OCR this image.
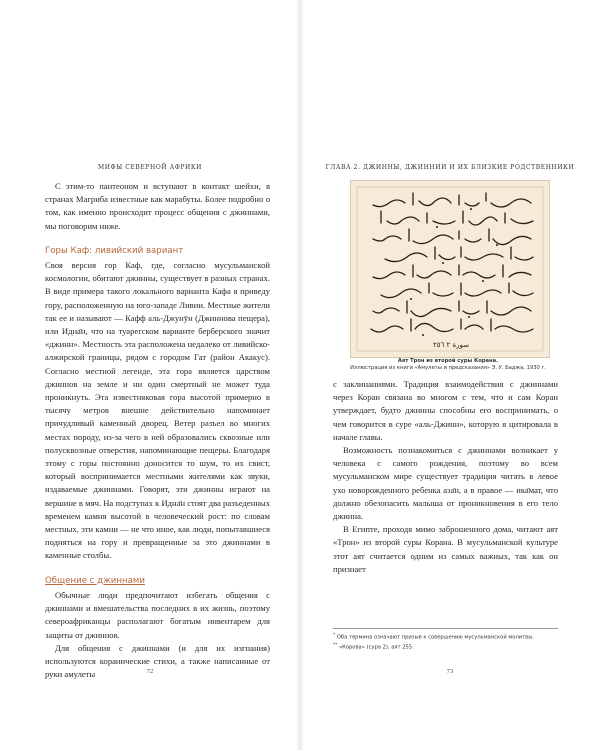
МИФЫ СЕВЕРНОЙ АФРИКИ

С этим-то пантеоном и вступают в контакт шейхи, в странах Магриба известные как марабуты. Более подробно о том, как именно происходит процесс общения с джиннами, мы поговорим ниже.

Горы Каф: ливийский вариант

Своя версия гор Каф, где, согласно мусульманской космологии, обитают джинны, существует в разных странах. В виде примера такого локального варианта Кафа я приведу гору, расположенную на юго-западе Ливии. Местные жители так ее и называют — Кафф аль-Джунӯн (Джиннова пещера), или Идна̄н, что на туарегском варианте берберского значит «джинн». Местность эта расположена недалеко от ливийско-алжирской границы, рядом с городом Гат (район Акакус). Согласно местной легенде, эта гора является царством джиннов на земле и ни один смертный не может туда проникнуть. Эта известняковая гора высотой примерно в тысячу метров внешне действительно напоминает причудливый каменный дворец. Ветер разъел во многих местах породу, из-за чего в ней образовались сквозные или полусквозные отверстия, напоминающие пещеры. Благодаря этому с горы постоянно доносится то шум, то их свист, который воспринимается местными жителями как звуки, издаваемые джиннами. Говорят, эти джинны играют на вершине в мяч. На подступах к Идна̄н стоят два разъеденных временем камня высотой в человеческий рост: по словам местных, эти камни — не что иное, как люди, попытавшиеся подняться на гору и превращенные за это джиннами в каменные столбы.

Общение с джиннами

Обычные люди предпочитают избегать общения с джиннами и вмешательства последних в их жизнь, поэтому североафриканцы располагают богатым инвентарем для защиты от джиннов.

Для общения с джиннами (и для их изгнания) используются коранические стихи, а также написанные от руки амулеты	72
ГЛАВА 2. ДЖИННЫ, ДЖИННИИ И ИХ БЛИЗКИЕ РОДСТВЕННИКИ
سورة ٢ ٢٥٦
Аят Трон из второй суры Корана.
Иллюстрация из книги «Амулеты и предсказания» Э. У. Баджа, 1930 г.

с заклинаниями. Традиция взаимодействия с джиннами через Коран связана во многом с тем, что и сам Коран утверждает, будто джинны способны его воспринимать, о чем говорится в суре «аль-Джинн», которую я цитировала в начале главы.

Возможность познакомиться с джиннами возникает у человека с самого рождения, поэтому во всем мусульманском мире существует традиция читать в левое ухо новорожденного ребенка аза̄н, а в правое — ика̄мат, что должно обезопасить малыша от проникновения в его тело джинна.

В Египте, проходя мимо заброшенного дома, читают аят «Трон» из второй суры Корана. В мусульманской культуре этот аят считается одним из самых важных, так как он признает

* Оба термина означают призыв к совершению мусульманской молитвы.
** «Корова» (сура 2), аят 255.
73
